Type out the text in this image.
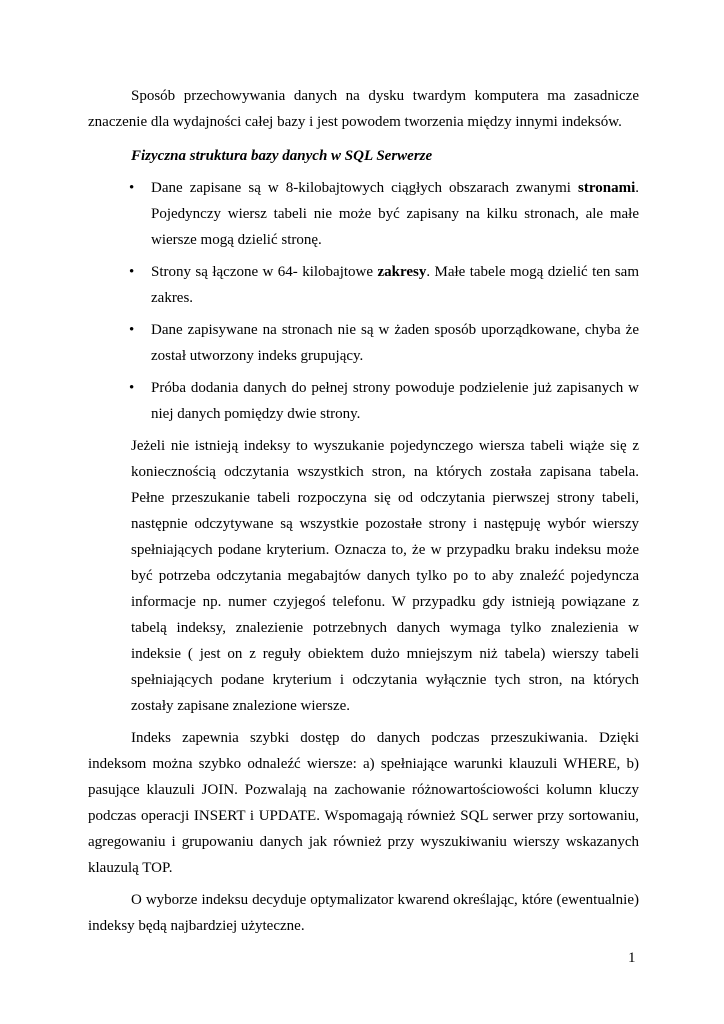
Sposób przechowywania danych na dysku twardym komputera ma zasadnicze znaczenie dla wydajności całej bazy i jest powodem tworzenia między innymi indeksów.

Fizyczna struktura bazy danych w SQL Serwerze

• Dane zapisane są w 8-kilobajtowych ciągłych obszarach zwanymi stronami. Pojedynczy wiersz tabeli nie może być zapisany na kilku stronach, ale małe wiersze mogą dzielić stronę.
• Strony są łączone w 64- kilobajtowe zakresy. Małe tabele mogą dzielić ten sam zakres.
• Dane zapisywane na stronach nie są w żaden sposób uporządkowane, chyba że został utworzony indeks grupujący.
• Próba dodania danych do pełnej strony powoduje podzielenie już zapisanych w niej danych pomiędzy dwie strony.

Jeżeli nie istnieją indeksy to wyszukanie pojedynczego wiersza tabeli wiąże się z koniecznością odczytania wszystkich stron, na których została zapisana tabela. Pełne przeszukanie tabeli rozpoczyna się od odczytania pierwszej strony tabeli, następnie odczytywane są wszystkie pozostałe strony i następuję wybór wierszy spełniających podane kryterium. Oznacza to, że w przypadku braku indeksu może być potrzeba odczytania megabajtów danych tylko po to aby znaleźć pojedyncza informacje np. numer czyjegoś telefonu. W przypadku gdy istnieją powiązane z tabelą indeksy, znalezienie potrzebnych danych wymaga tylko znalezienia w indeksie ( jest on z reguły obiektem dużo mniejszym niż tabela) wierszy tabeli spełniających podane kryterium i odczytania wyłącznie tych stron, na których zostały zapisane znalezione wiersze.

Indeks zapewnia szybki dostęp do danych podczas przeszukiwania. Dzięki indeksom można szybko odnaleźć wiersze: a) spełniające warunki klauzuli WHERE, b) pasujące klauzuli JOIN. Pozwalają na zachowanie różnowartościowości kolumn kluczy podczas operacji INSERT i UPDATE. Wspomagają również SQL serwer przy sortowaniu, agregowaniu i grupowaniu danych jak również przy wyszukiwaniu wierszy wskazanych klauzulą TOP.

O wyborze indeksu decyduje optymalizator kwarend określając, które (ewentualnie) indeksy będą najbardziej użyteczne.

1
